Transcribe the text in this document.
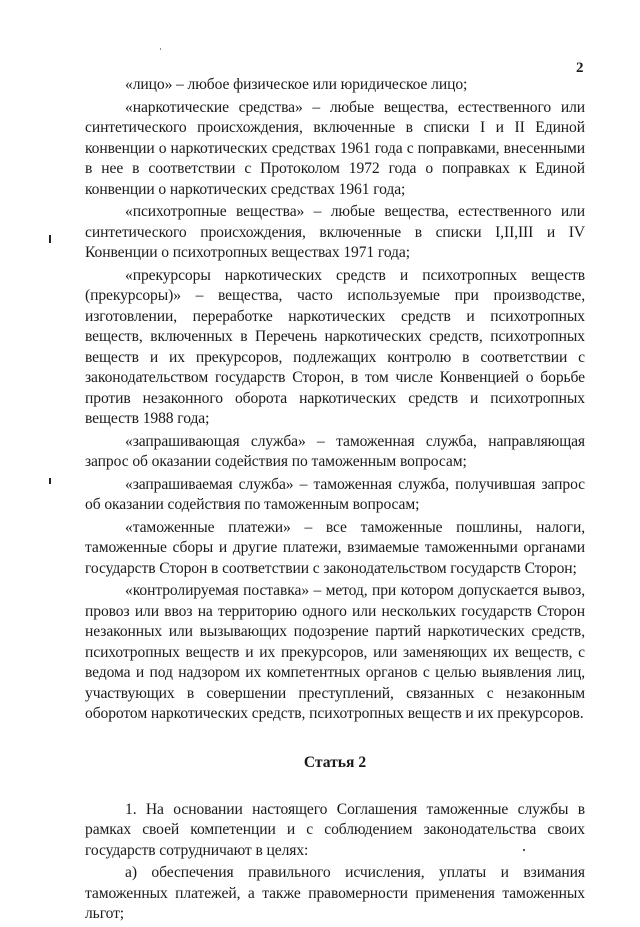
2

«лицо» – любое физическое или юридическое лицо;

«наркотические средства» – любые вещества, естественного или синтетического происхождения, включенные в списки I и II Единой конвенции о наркотических средствах 1961 года с поправками, внесенными в нее в соответствии с Протоколом 1972 года о поправках к Единой конвенции о наркотических средствах 1961 года;

«психотропные вещества» – любые вещества, естественного или синтетического происхождения, включенные в списки I,II,III и IV Конвенции о психотропных веществах 1971 года;

«прекурсоры наркотических средств и психотропных веществ (прекурсоры)» – вещества, часто используемые при производстве, изготовлении, переработке наркотических средств и психотропных веществ, включенных в Перечень наркотических средств, психотропных веществ и их прекурсоров, подлежащих контролю в соответствии с законодательством государств Сторон, в том числе Конвенцией о борьбе против незаконного оборота наркотических средств и психотропных веществ 1988 года;

«запрашивающая служба» – таможенная служба, направляющая запрос об оказании содействия по таможенным вопросам;

«запрашиваемая служба» – таможенная служба, получившая запрос об оказании содействия по таможенным вопросам;

«таможенные платежи» – все таможенные пошлины, налоги, таможенные сборы и другие платежи, взимаемые таможенными органами государств Сторон в соответствии с законодательством государств Сторон;

«контролируемая поставка» – метод, при котором допускается вывоз, провоз или ввоз на территорию одного или нескольких государств Сторон незаконных или вызывающих подозрение партий наркотических средств, психотропных веществ и их прекурсоров, или заменяющих их веществ, с ведома и под надзором их компетентных органов с целью выявления лиц, участвующих в совершении преступлений, связанных с незаконным оборотом наркотических средств, психотропных веществ и их прекурсоров.

Статья 2

1. На основании настоящего Соглашения таможенные службы в рамках своей компетенции и с соблюдением законодательства своих государств сотрудничают в целях:

а) обеспечения правильного исчисления, уплаты и взимания таможенных платежей, а также правомерности применения таможенных льгот;
